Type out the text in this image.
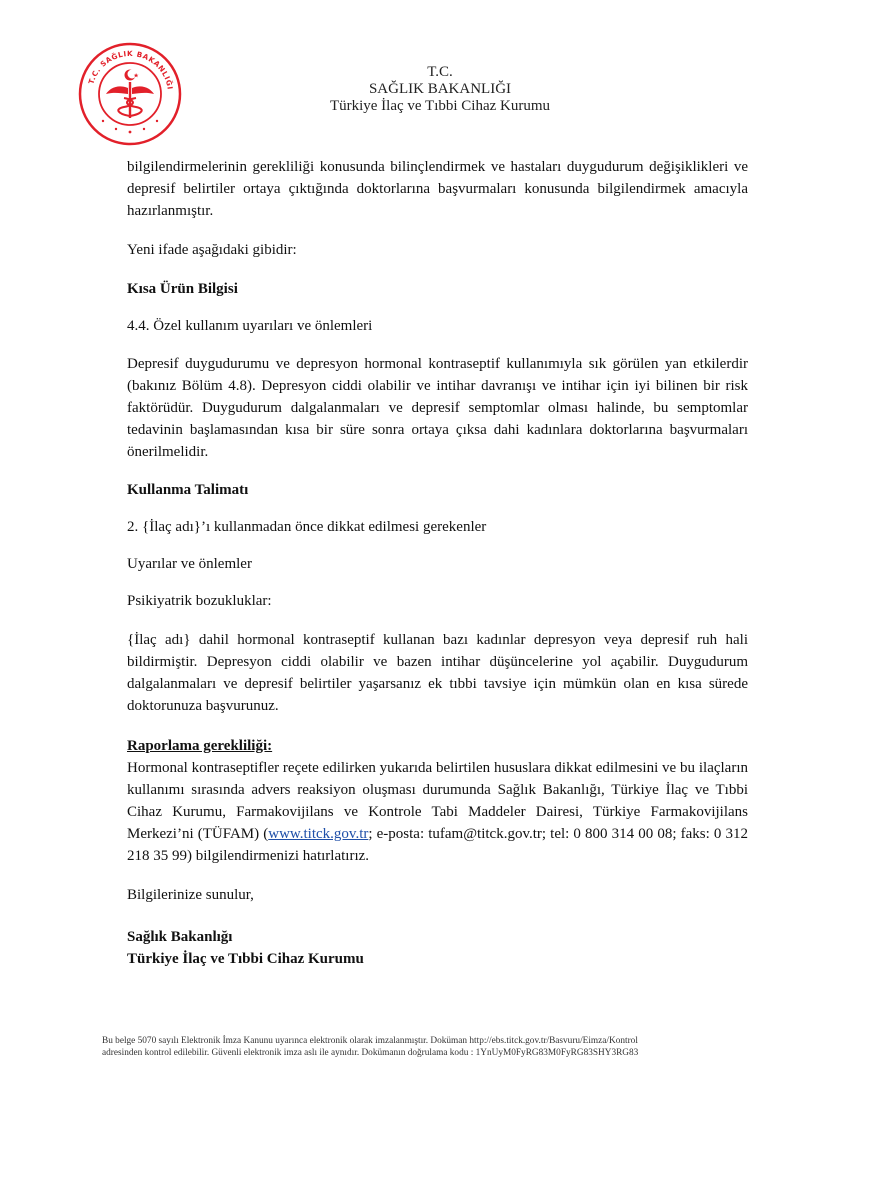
T.C. SAĞLIK BAKANLIĞI
T.C.
SAĞLIK BAKANLIĞI
Türkiye İlaç ve Tıbbi Cihaz Kurumu

bilgilendirmelerinin gerekliliği konusunda bilinçlendirmek ve hastaları duygudurum değişiklikleri ve depresif belirtiler ortaya çıktığında doktorlarına başvurmaları konusunda bilgilendirmek amacıyla hazırlanmıştır.

Yeni ifade aşağıdaki gibidir:

Kısa Ürün Bilgisi

4.4. Özel kullanım uyarıları ve önlemleri

Depresif duygudurumu ve depresyon hormonal kontraseptif kullanımıyla sık görülen yan etkilerdir (bakınız Bölüm 4.8). Depresyon ciddi olabilir ve intihar davranışı ve intihar için iyi bilinen bir risk faktörüdür. Duygudurum dalgalanmaları ve depresif semptomlar olması halinde, bu semptomlar tedavinin başlamasından kısa bir süre sonra ortaya çıksa dahi kadınlara doktorlarına başvurmaları önerilmelidir.

Kullanma Talimatı

2. {İlaç adı}’ı kullanmadan önce dikkat edilmesi gerekenler

Uyarılar ve önlemler

Psikiyatrik bozukluklar:

{İlaç adı} dahil hormonal kontraseptif kullanan bazı kadınlar depresyon veya depresif ruh hali bildirmiştir. Depresyon ciddi olabilir ve bazen intihar düşüncelerine yol açabilir. Duygudurum dalgalanmaları ve depresif belirtiler yaşarsanız ek tıbbi tavsiye için mümkün olan en kısa sürede doktorunuza başvurunuz.

Raporlama gerekliliği:

Hormonal kontraseptifler reçete edilirken yukarıda belirtilen hususlara dikkat edilmesini ve bu ilaçların kullanımı sırasında advers reaksiyon oluşması durumunda Sağlık Bakanlığı, Türkiye İlaç ve Tıbbi Cihaz Kurumu, Farmakovijilans ve Kontrole Tabi Maddeler Dairesi, Türkiye Farmakovijilans Merkezi’ni (TÜFAM) (www.titck.gov.tr; e-posta: tufam@titck.gov.tr; tel: 0 800 314 00 08; faks: 0 312 218 35 99) bilgilendirmenizi hatırlatırız.

Bilgilerinize sunulur,

Sağlık Bakanlığı

Türkiye İlaç ve Tıbbi Cihaz Kurumu

Bu belge 5070 sayılı Elektronik İmza Kanunu uyarınca elektronik olarak imzalanmıştır. Doküman http://ebs.titck.gov.tr/Basvuru/Eimza/Kontrol
adresinden kontrol edilebilir. Güvenli elektronik imza aslı ile aynıdır. Dokümanın doğrulama kodu : 1YnUyM0FyRG83M0FyRG83SHY3RG83
